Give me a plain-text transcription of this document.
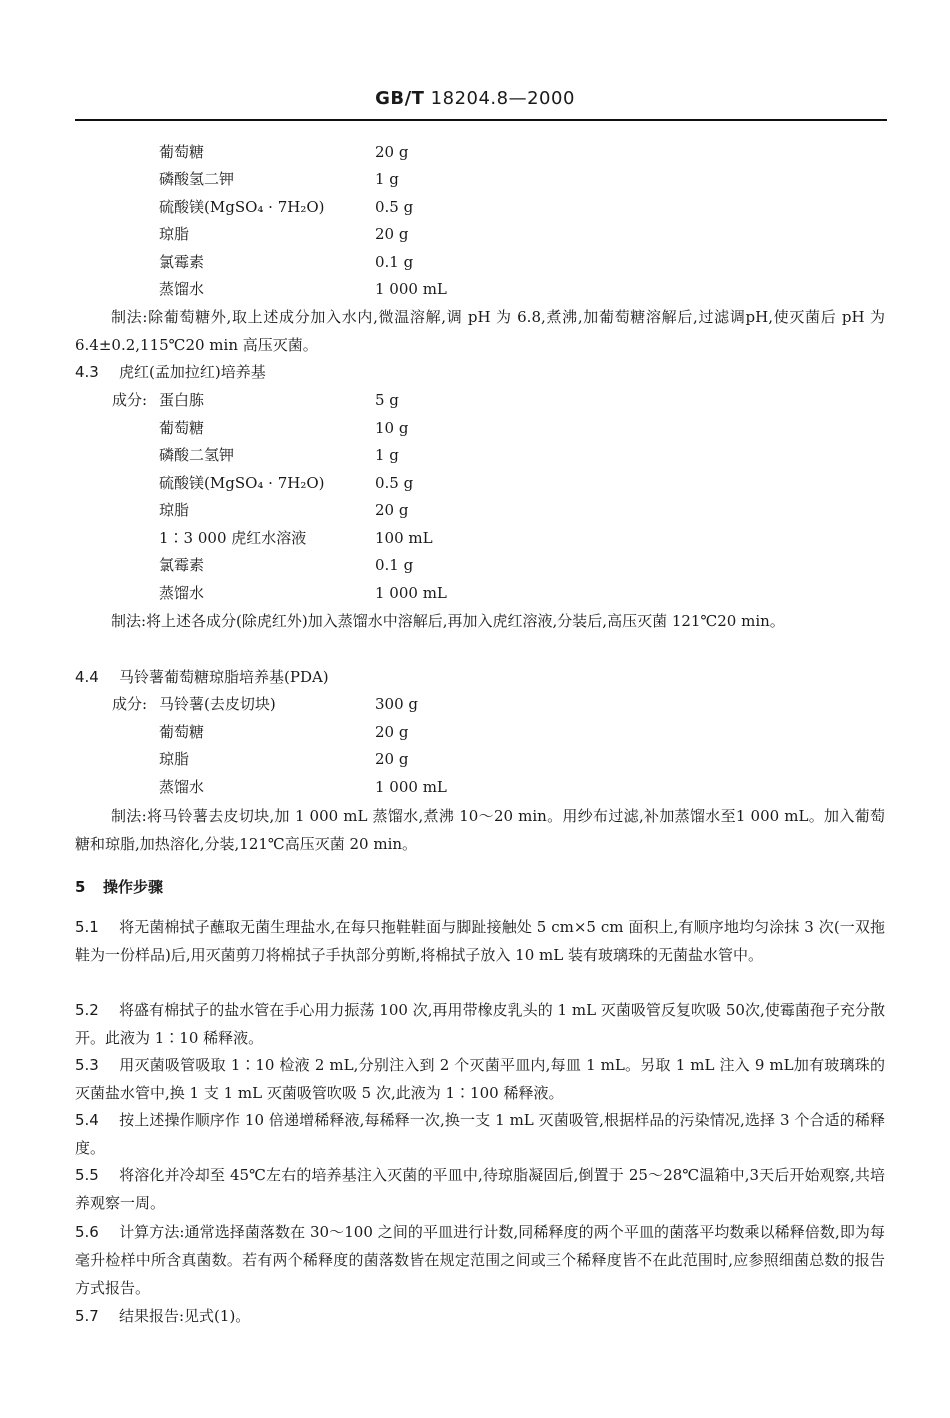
GB/T 18204.8—2000
葡萄糖	20 g
磷酸氢二钾	1 g
硫酸镁(MgSO₄ · 7H₂O)	0.5 g
琼脂	20 g
氯霉素	0.1 g
蒸馏水	1 000 mL
制法:除葡萄糖外,取上述成分加入水内,微温溶解,调 pH 为 6.8,煮沸,加葡萄糖溶解后,过滤调pH,使灭菌后 pH 为 6.4±0.2,115℃20 min 高压灭菌。
4.3 虎红(孟加拉红)培养基
成分: 蛋白胨	5 g
葡萄糖	10 g
磷酸二氢钾	1 g
硫酸镁(MgSO₄ · 7H₂O)	0.5 g
琼脂	20 g
1∶3 000 虎红水溶液	100 mL
氯霉素	0.1 g
蒸馏水	1 000 mL
制法:将上述各成分(除虎红外)加入蒸馏水中溶解后,再加入虎红溶液,分装后,高压灭菌 121℃20 min。
4.4 马铃薯葡萄糖琼脂培养基(PDA)
成分: 马铃薯(去皮切块)	300 g
葡萄糖	20 g
琼脂	20 g
蒸馏水	1 000 mL
制法:将马铃薯去皮切块,加 1 000 mL 蒸馏水,煮沸 10～20 min。用纱布过滤,补加蒸馏水至1 000 mL。加入葡萄糖和琼脂,加热溶化,分装,121℃高压灭菌 20 min。
5 操作步骤
5.1 将无菌棉拭子蘸取无菌生理盐水,在每只拖鞋鞋面与脚趾接触处 5 cm×5 cm 面积上,有顺序地均匀涂抹 3 次(一双拖鞋为一份样品)后,用灭菌剪刀将棉拭子手执部分剪断,将棉拭子放入 10 mL 装有玻璃珠的无菌盐水管中。
5.2 将盛有棉拭子的盐水管在手心用力振荡 100 次,再用带橡皮乳头的 1 mL 灭菌吸管反复吹吸 50次,使霉菌孢子充分散开。此液为 1∶10 稀释液。
5.3 用灭菌吸管吸取 1∶10 检液 2 mL,分别注入到 2 个灭菌平皿内,每皿 1 mL。另取 1 mL 注入 9 mL加有玻璃珠的灭菌盐水管中,换 1 支 1 mL 灭菌吸管吹吸 5 次,此液为 1∶100 稀释液。
5.4 按上述操作顺序作 10 倍递增稀释液,每稀释一次,换一支 1 mL 灭菌吸管,根据样品的污染情况,选择 3 个合适的稀释度。
5.5 将溶化并冷却至 45℃左右的培养基注入灭菌的平皿中,待琼脂凝固后,倒置于 25～28℃温箱中,3天后开始观察,共培养观察一周。
5.6 计算方法:通常选择菌落数在 30～100 之间的平皿进行计数,同稀释度的两个平皿的菌落平均数乘以稀释倍数,即为每毫升检样中所含真菌数。若有两个稀释度的菌落数皆在规定范围之间或三个稀释度皆不在此范围时,应参照细菌总数的报告方式报告。
5.7 结果报告:见式(1)。
